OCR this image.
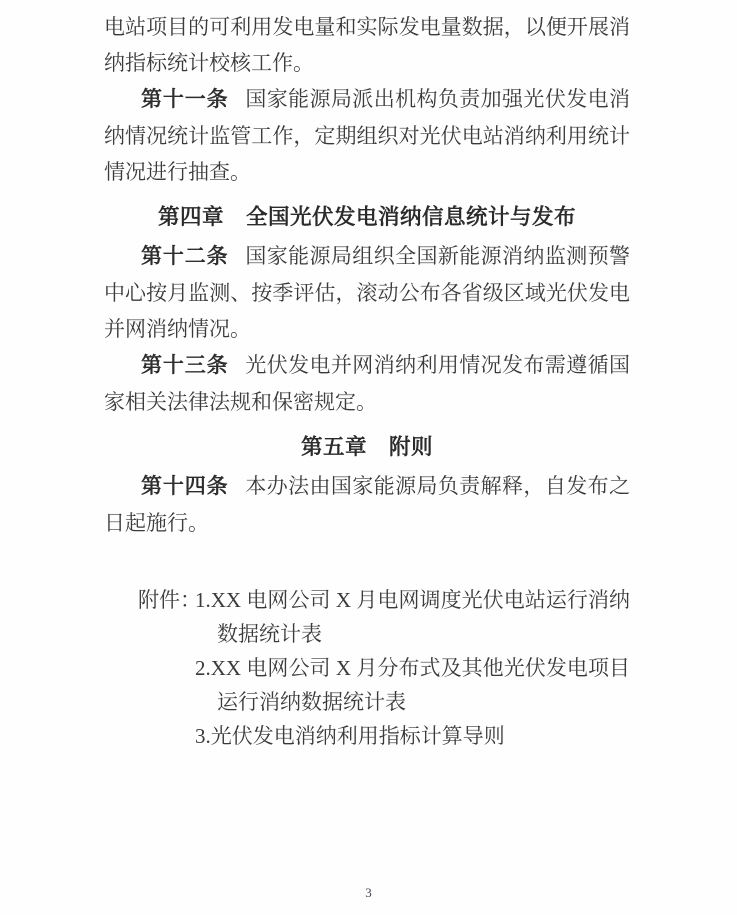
电站项目的可利用发电量和实际发电量数据，以便开展消纳指标统计校核工作。

第十一条 国家能源局派出机构负责加强光伏发电消纳情况统计监管工作，定期组织对光伏电站消纳利用统计情况进行抽查。

第四章　全国光伏发电消纳信息统计与发布

第十二条 国家能源局组织全国新能源消纳监测预警中心按月监测、按季评估，滚动公布各省级区域光伏发电并网消纳情况。

第十三条 光伏发电并网消纳利用情况发布需遵循国家相关法律法规和保密规定。

第五章　附则

第十四条 本办法由国家能源局负责解释，自发布之日起施行。

附件：
1.XX 电网公司 X 月电网调度光伏电站运行消纳数据统计表
2.XX 电网公司 X 月分布式及其他光伏发电项目运行消纳数据统计表
3.光伏发电消纳利用指标计算导则
3
